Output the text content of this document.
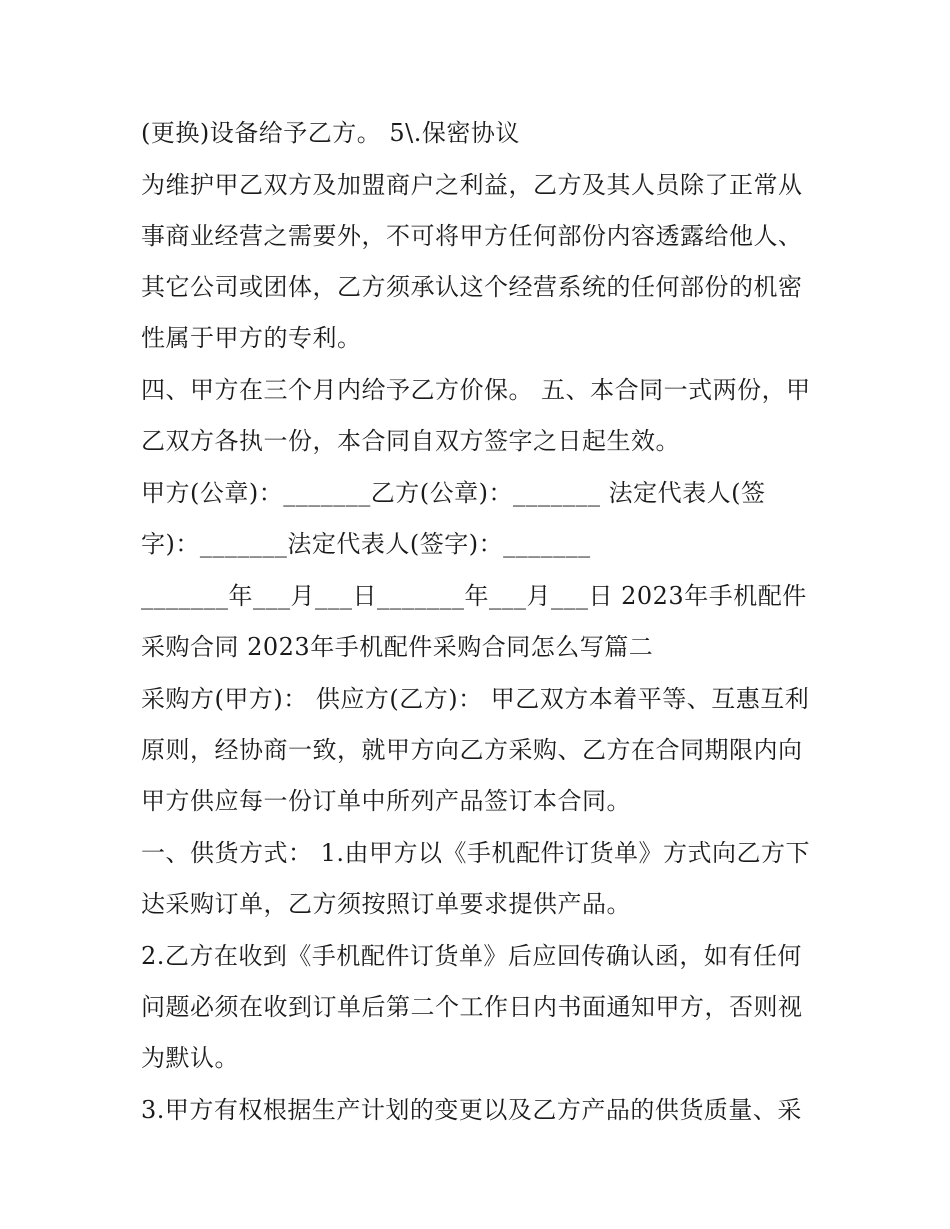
(更换)设备给予乙方。 5\.保密协议

为维护甲乙双方及加盟商户之利益，乙方及其人员除了正常从事商业经营之需要外，不可将甲方任何部份内容透露给他人、其它公司或团体，乙方须承认这个经营系统的任何部份的机密性属于甲方的专利。

四、甲方在三个月内给予乙方价保。 五、本合同一式两份，甲乙双方各执一份，本合同自双方签字之日起生效。

甲方(公章)：_______乙方(公章)：_______ 法定代表人(签字)：_______法定代表人(签字)：_______

_______年___月___日_______年___月___日 2023年手机配件采购合同 2023年手机配件采购合同怎么写篇二

采购方(甲方)： 供应方(乙方)： 甲乙双方本着平等、互惠互利原则，经协商一致，就甲方向乙方采购、乙方在合同期限内向甲方供应每一份订单中所列产品签订本合同。

一、供货方式： 1.由甲方以《手机配件订货单》方式向乙方下达采购订单，乙方须按照订单要求提供产品。

2.乙方在收到《手机配件订货单》后应回传确认函，如有任何问题必须在收到订单后第二个工作日内书面通知甲方，否则视为默认。

3.甲方有权根据生产计划的变更以及乙方产品的供货质量、采
